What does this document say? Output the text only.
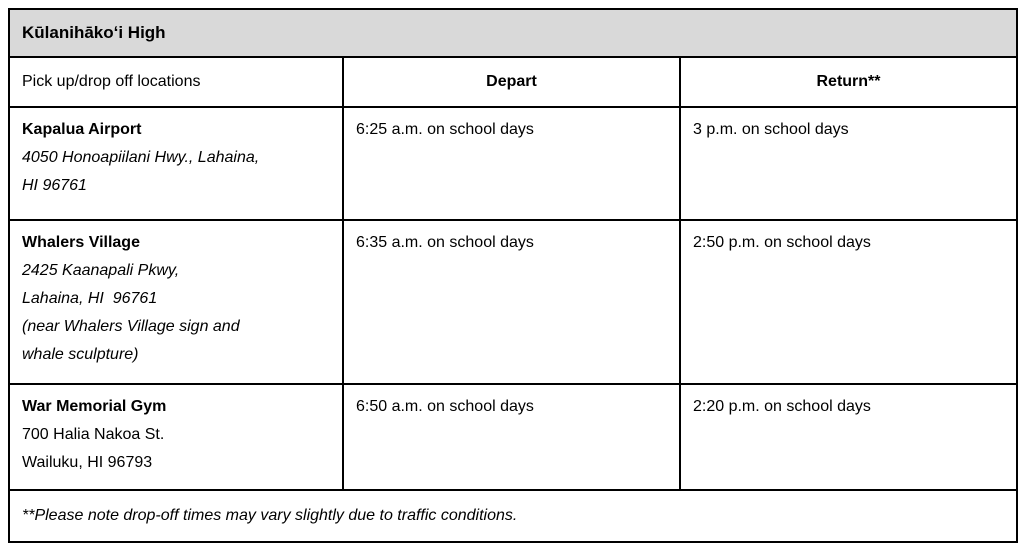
Kūlanihākoʻi High		
Pick up/drop off locations	Depart	Return**

Kapalua Airport
4050 Honoapiilani Hwy., Lahaina,
HI 96761	6:25 a.m. on school days	3 p.m. on school days

Whalers Village
2425 Kaanapali Pkwy,
Lahaina, HI  96761
(near Whalers Village sign and
whale sculpture)	6:35 a.m. on school days	2:50 p.m. on school days

War Memorial Gym
700 Halia Nakoa St.
Wailuku, HI 96793	6:50 a.m. on school days	2:20 p.m. on school days
**Please note drop-off times may vary slightly due to traffic conditions.		
